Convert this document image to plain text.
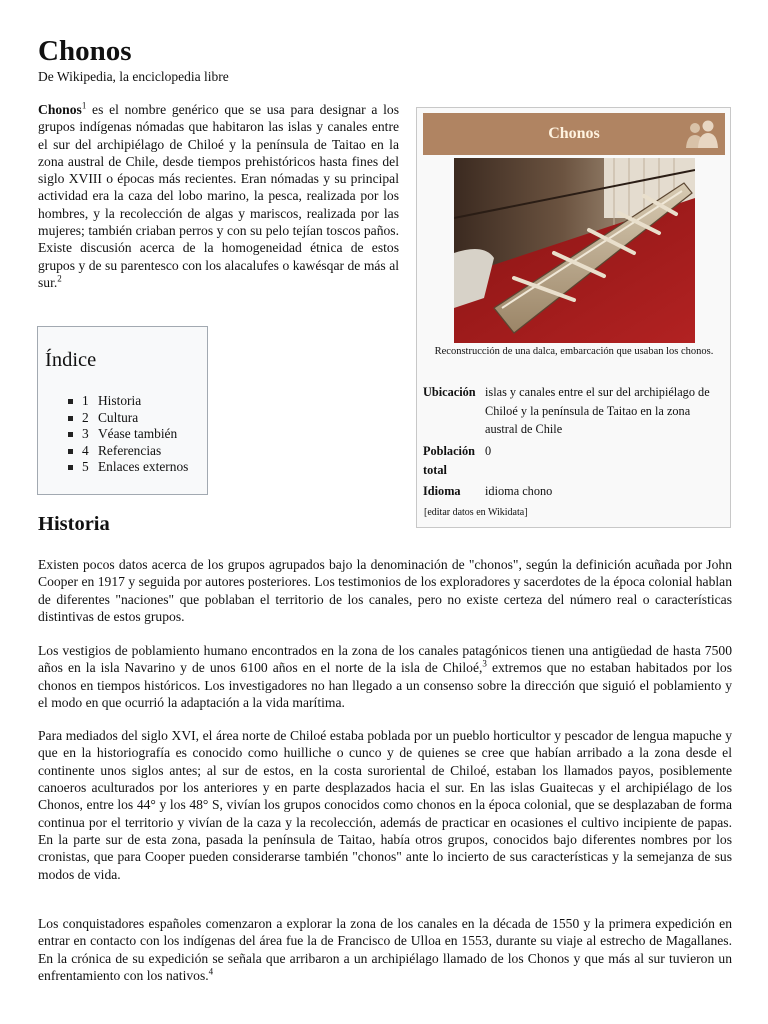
Chonos
De Wikipedia, la enciclopedia libre

Chonos$^1$ es el nombre genérico que se usa para designar a los grupos indígenas nómadas que habitaron las islas y canales entre el sur del archipiélago de Chiloé y la península de Taitao en la zona austral de Chile, desde tiempos prehistóricos hasta fines del siglo XVIII o épocas más recientes. Eran nómadas y su principal actividad era la caza del lobo marino, la pesca, realizada por los hombres, y la recolección de algas y mariscos, realizada por las mujeres; también criaban perros y con su pelo tejían toscos paños. Existe discusión acerca de la homogeneidad étnica de estos grupos y de su parentesco con los alacalufes o kawésqar de más al sur.$^2$

Chonos
Reconstrucción de una dalca, embarcación que usaban los chonos.
Ubicación islas y canales entre el sur del archipiélago de Chiloé y la península de Taitao en la zona austral de Chile
Población total
0
Idioma	idioma chono
[editar datos en Wikidata]
Índice
1 Historia
2 Cultura
3 Véase también
4 Referencias
5 Enlaces externos
Historia

Existen pocos datos acerca de los grupos agrupados bajo la denominación de "chonos", según la definición acuñada por John Cooper en 1917 y seguida por autores posteriores. Los testimonios de los exploradores y sacerdotes de la época colonial hablan de diferentes "naciones" que poblaban el territorio de los canales, pero no existe certeza del número real o características distintivas de estos grupos.

Los vestigios de poblamiento humano encontrados en la zona de los canales patagónicos tienen una antigüedad de hasta 7500 años en la isla Navarino y de unos 6100 años en el norte de la isla de Chiloé,$^3$ extremos que no estaban habitados por los chonos en tiempos históricos. Los investigadores no han llegado a un consenso sobre la dirección que siguió el poblamiento y el modo en que ocurrió la adaptación a la vida marítima.

Para mediados del siglo XVI, el área norte de Chiloé estaba poblada por un pueblo horticultor y pescador de lengua mapuche y que en la historiografía es conocido como huilliche o cunco y de quienes se cree que habían arribado a la zona desde el continente unos siglos antes; al sur de estos, en la costa suroriental de Chiloé, estaban los llamados payos, posiblemente canoeros aculturados por los anteriores y en parte desplazados hacia el sur. En las islas Guaitecas y el archipiélago de los Chonos, entre los 44° y los 48° S, vivían los grupos conocidos como chonos en la época colonial, que se desplazaban de forma continua por el territorio y vivían de la caza y la recolección, además de practicar en ocasiones el cultivo incipiente de papas. En la parte sur de esta zona, pasada la península de Taitao, había otros grupos, conocidos bajo diferentes nombres por los cronistas, que para Cooper pueden considerarse también "chonos" ante lo incierto de sus características y la semejanza de sus modos de vida.

Los conquistadores españoles comenzaron a explorar la zona de los canales en la década de 1550 y la primera expedición en entrar en contacto con los indígenas del área fue la de Francisco de Ulloa en 1553, durante su viaje al estrecho de Magallanes. En la crónica de su expedición se señala que arribaron a un archipiélago llamado de los Chonos y que más al sur tuvieron un enfrentamiento con los nativos.$^4$
